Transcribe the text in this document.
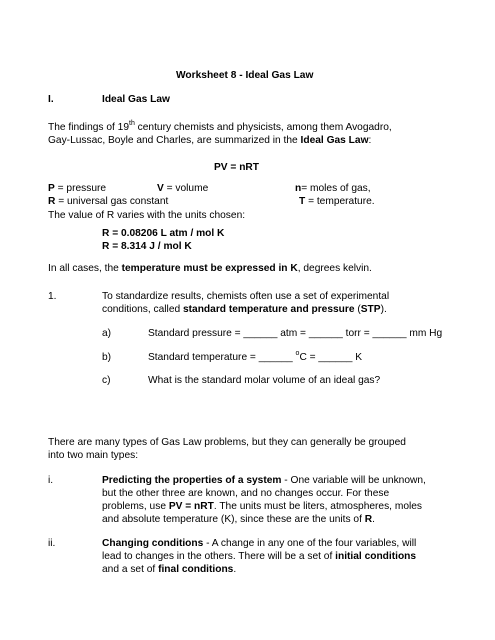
Worksheet 8 - Ideal Gas Law
I.	Ideal Gas Law
The findings of 19th century chemists and physicists, among them Avogadro,
Gay-Lussac, Boyle and Charles, are summarized in the Ideal Gas Law:
PV = nRT
P = pressure	V = volume	n= moles of gas,
R = universal gas constant	T = temperature.
The value of R varies with the units chosen:
R = 0.08206 L atm / mol K
R = 8.314 J / mol K
In all cases, the temperature must be expressed in K, degrees kelvin.
1.	To standardize results, chemists often use a set of experimental
conditions, called standard temperature and pressure (STP).
a)	Standard pressure = ______ atm = ______ torr = ______ mm Hg
b)	Standard temperature = ______ $^o$C = ______ K
c)	What is the standard molar volume of an ideal gas?
There are many types of Gas Law problems, but they can generally be grouped
into two main types:
i.	Predicting the properties of a system - One variable will be unknown,
but the other three are known, and no changes occur. For these
problems, use PV = nRT. The units must be liters, atmospheres, moles
and absolute temperature (K), since these are the units of R.
ii.	Changing conditions - A change in any one of the four variables, will
lead to changes in the others. There will be a set of initial conditions
and a set of final conditions.
